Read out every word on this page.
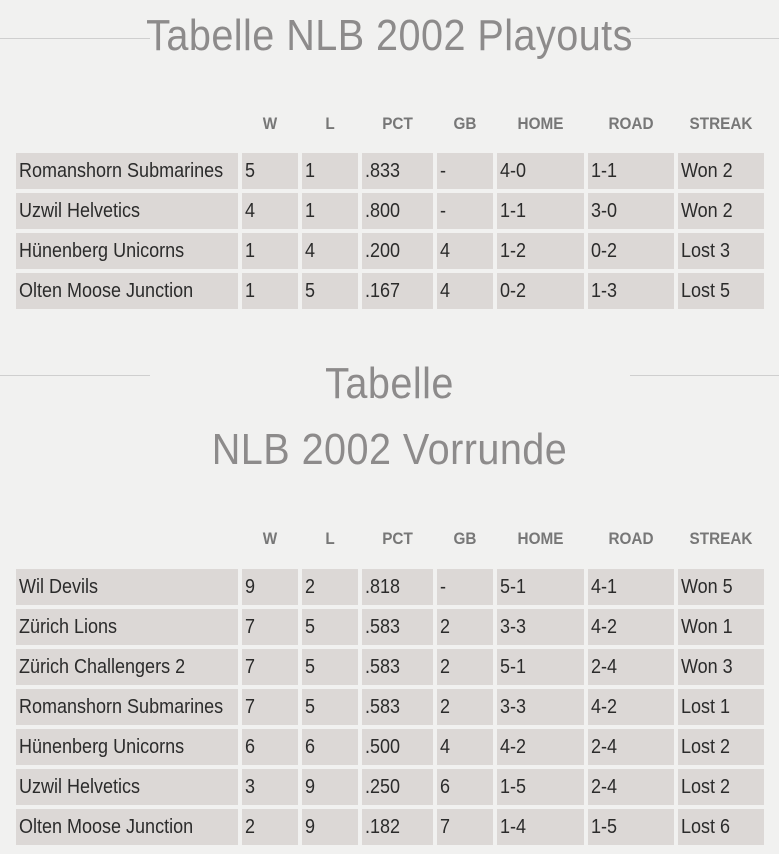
Tabelle NLB 2002 Playouts
W	L	PCT	GB	HOME	ROAD	STREAK
Romanshorn Submarines	5	1	.833	-	4-0	1-1	Won 2
Uzwil Helvetics	4	1	.800	-	1-1	3-0	Won 2
Hünenberg Unicorns	1	4	.200	4	1-2	0-2	Lost 3
Olten Moose Junction	1	5	.167	4	0-2	1-3	Lost 5
Tabelle
NLB 2002 Vorrunde
W	L	PCT	GB	HOME	ROAD	STREAK
Wil Devils	9	2	.818	-	5-1	4-1	Won 5
Zürich Lions	7	5	.583	2	3-3	4-2	Won 1
Zürich Challengers 2	7	5	.583	2	5-1	2-4	Won 3
Romanshorn Submarines	7	5	.583	2	3-3	4-2	Lost 1
Hünenberg Unicorns	6	6	.500	4	4-2	2-4	Lost 2
Uzwil Helvetics	3	9	.250	6	1-5	2-4	Lost 2
Olten Moose Junction	2	9	.182	7	1-4	1-5	Lost 6
